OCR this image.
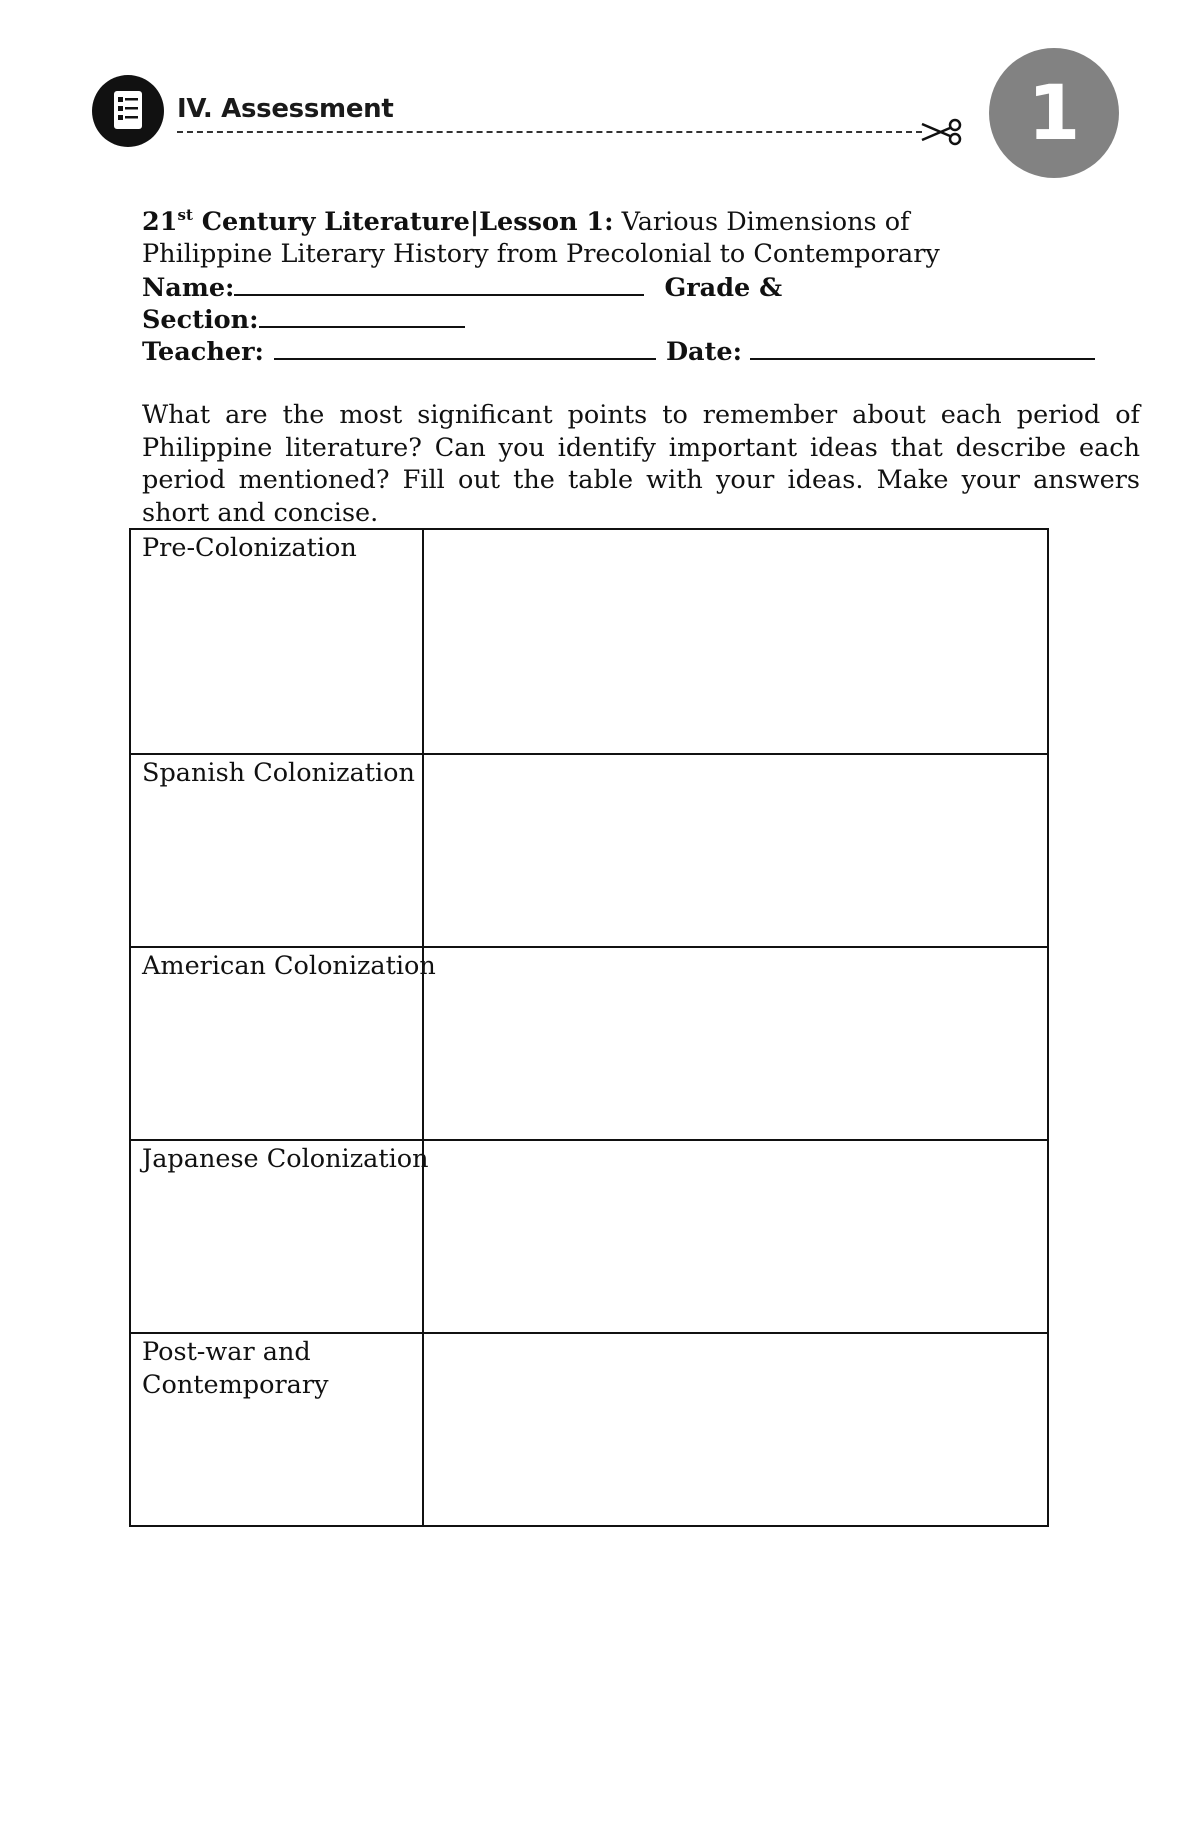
IV. Assessment	1
21st Century Literature|Lesson 1: Various Dimensions of
Philippine Literary History from Precolonial to Contemporary
Name:	Grade &
Section:
Teacher:	Date:
What are the most significant points to remember about each period of Philippine literature? Can you identify important ideas that describe each period mentioned? Fill out the table with your ideas. Make your answers short and concise.
Pre-Colonization	

Spanish Colonization	

American Colonization	

Japanese Colonization	

Post-war and Contemporary	
